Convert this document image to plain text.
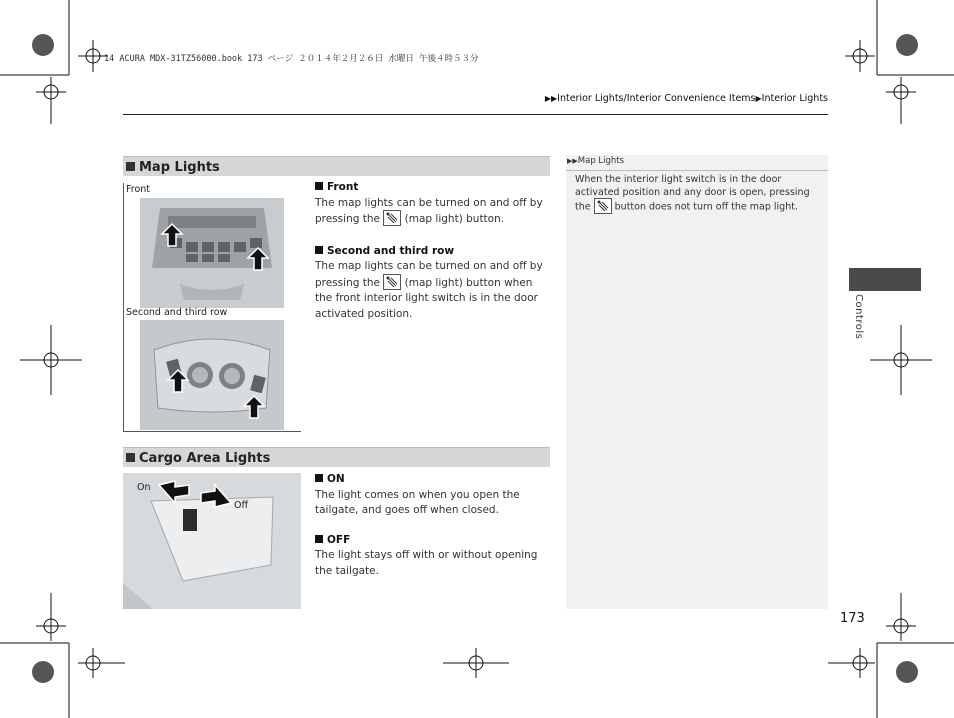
14 ACURA MDX-31TZ56000.book 173 ページ ２０１４年２月２６日 水曜日 午後４時５３分
▶▶Interior Lights/Interior Convenience Items▶Interior Lights
Map Lights
Front
Second and third row

Front

The map lights can be turned on and off by pressing the (map light) button.

Second and third row

The map lights can be turned on and off by pressing the (map light) button when the front interior light switch is in the door activated position.

Cargo Area Lights
On
Off

ON

The light comes on when you open the tailgate, and goes off when closed.

OFF

The light stays off with or without opening the tailgate.

▶▶Map Lights
When the interior light switch is in the door activated position and any door is open, pressing the	button does not turn off the map light.
Controls
173
